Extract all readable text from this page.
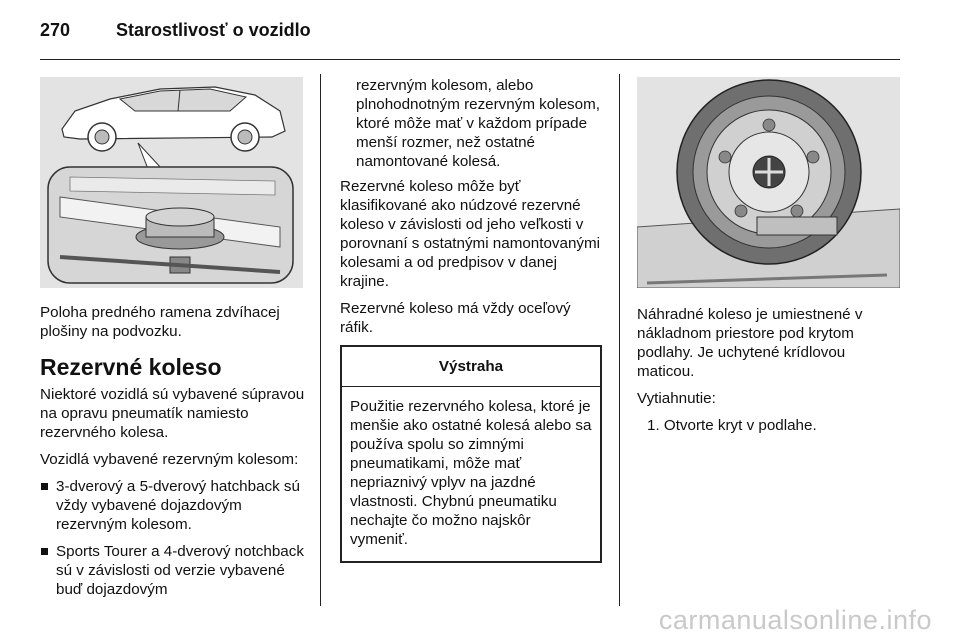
270	Starostlivosť o vozidlo

Poloha predného ramena zdvíhacej plošiny na podvozku.

Rezervné koleso

Niektoré vozidlá sú vybavené súpravou na opravu pneumatík namiesto rezervného kolesa.

Vozidlá vybavené rezervným kolesom:

3-dverový a 5-dverový hatchback sú vždy vybavené dojazdovým rezervným kolesom.
Sports Tourer a 4-dverový notchback sú v závislosti od verzie vybavené buď dojazdovým
rezervným kolesom, alebo plnohodnotným rezervným kolesom, ktoré môže mať v každom prípade menší rozmer, než ostatné namontované kolesá.

Rezervné koleso môže byť klasifikované ako núdzové rezervné koleso v závislosti od jeho veľkosti v porovnaní s ostatnými namontovanými kolesami a od predpisov v danej krajine.

Rezervné koleso má vždy oceľový ráfik.

Výstraha
Použitie rezervného kolesa, ktoré je menšie ako ostatné kolesá alebo sa používa spolu so zimnými pneumatikami, môže mať nepriaznivý vplyv na jazdné vlastnosti. Chybnú pneumatiku nechajte čo možno najskôr vymeniť.

Náhradné koleso je umiestnené v nákladnom priestore pod krytom podlahy. Je uchytené krídlovou maticou.

Vytiahnutie:

1. Otvorte kryt v podlahe.

carmanualsonline.info
